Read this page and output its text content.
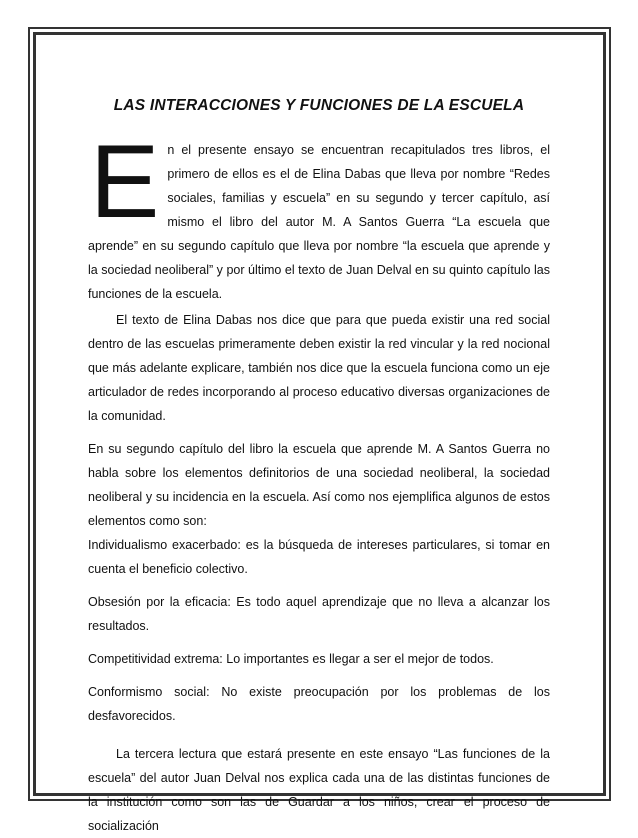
LAS INTERACCIONES Y FUNCIONES DE LA ESCUELA

En el presente ensayo se encuentran recapitulados tres libros, el primero de ellos es el de Elina Dabas que lleva por nombre “Redes sociales, familias y escuela” en su segundo y tercer capítulo, así mismo el libro del autor M. A Santos Guerra “La escuela que aprende” en su segundo capítulo que lleva por nombre “la escuela que aprende y la sociedad neoliberal” y por último el texto de Juan Delval en su quinto capítulo las funciones de la escuela.

El texto de Elina Dabas nos dice que para que pueda existir una red social dentro de las escuelas primeramente deben existir la red vincular y la red nocional que más adelante explicare, también nos dice que la escuela funciona como un eje articulador de redes incorporando al proceso educativo diversas organizaciones de la comunidad.

En su segundo capítulo del libro la escuela que aprende M. A Santos Guerra no habla sobre los elementos definitorios de una sociedad neoliberal, la sociedad neoliberal y su incidencia en la escuela. Así como nos ejemplifica algunos de estos elementos como son:

Individualismo exacerbado: es la búsqueda de intereses particulares, si tomar en cuenta el beneficio colectivo.

Obsesión por la eficacia: Es todo aquel aprendizaje que no lleva a alcanzar los resultados.

Competitividad extrema: Lo importantes es llegar a ser el mejor de todos.

Conformismo social: No existe preocupación por los problemas de los desfavorecidos.

La tercera lectura que estará presente en este ensayo “Las funciones de la escuela” del autor Juan Delval nos explica cada una de las distintas funciones de la institución como son las de Guardar a los niños, crear el proceso de socialización
